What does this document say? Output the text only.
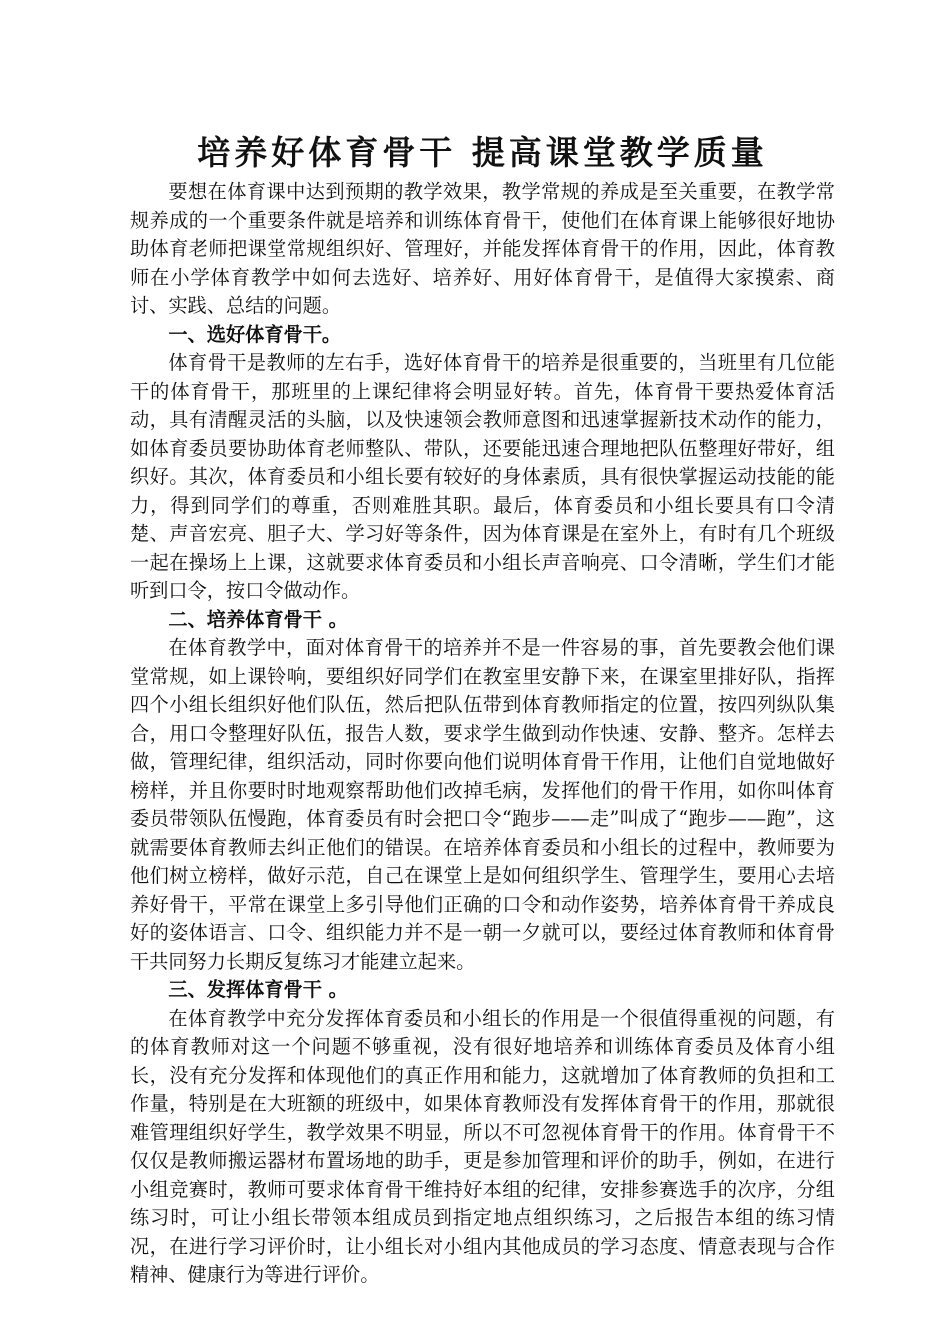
培养好体育骨干 提高课堂教学质量

要想在体育课中达到预期的教学效果，教学常规的养成是至关重要，在教学常规养成的一个重要条件就是培养和训练体育骨干，使他们在体育课上能够很好地协助体育老师把课堂常规组织好、管理好，并能发挥体育骨干的作用，因此，体育教师在小学体育教学中如何去选好、培养好、用好体育骨干，是值得大家摸索、商讨、实践、总结的问题。

一、选好体育骨干。

体育骨干是教师的左右手，选好体育骨干的培养是很重要的，当班里有几位能干的体育骨干，那班里的上课纪律将会明显好转。首先，体育骨干要热爱体育活动，具有清醒灵活的头脑，以及快速领会教师意图和迅速掌握新技术动作的能力，如体育委员要协助体育老师整队、带队，还要能迅速合理地把队伍整理好带好，组织好。其次，体育委员和小组长要有较好的身体素质，具有很快掌握运动技能的能力，得到同学们的尊重，否则难胜其职。最后，体育委员和小组长要具有口令清楚、声音宏亮、胆子大、学习好等条件，因为体育课是在室外上，有时有几个班级一起在操场上上课，这就要求体育委员和小组长声音响亮、口令清晰，学生们才能听到口令，按口令做动作。

二、培养体育骨干 。

在体育教学中，面对体育骨干的培养并不是一件容易的事，首先要教会他们课堂常规，如上课铃响，要组织好同学们在教室里安静下来，在课室里排好队，指挥四个小组长组织好他们队伍，然后把队伍带到体育教师指定的位置，按四列纵队集合，用口令整理好队伍，报告人数，要求学生做到动作快速、安静、整齐。怎样去做，管理纪律，组织活动，同时你要向他们说明体育骨干作用，让他们自觉地做好榜样，并且你要时时地观察帮助他们改掉毛病，发挥他们的骨干作用，如你叫体育委员带领队伍慢跑，体育委员有时会把口令“跑步——走”叫成了“跑步——跑”，这就需要体育教师去纠正他们的错误。在培养体育委员和小组长的过程中，教师要为他们树立榜样，做好示范，自己在课堂上是如何组织学生、管理学生，要用心去培养好骨干，平常在课堂上多引导他们正确的口令和动作姿势，培养体育骨干养成良好的姿体语言、口令、组织能力并不是一朝一夕就可以，要经过体育教师和体育骨干共同努力长期反复练习才能建立起来。

三、发挥体育骨干 。

在体育教学中充分发挥体育委员和小组长的作用是一个很值得重视的问题，有的体育教师对这一个问题不够重视，没有很好地培养和训练体育委员及体育小组长，没有充分发挥和体现他们的真正作用和能力，这就增加了体育教师的负担和工作量，特别是在大班额的班级中，如果体育教师没有发挥体育骨干的作用，那就很难管理组织好学生，教学效果不明显，所以不可忽视体育骨干的作用。体育骨干不仅仅是教师搬运器材布置场地的助手，更是参加管理和评价的助手，例如，在进行小组竞赛时，教师可要求体育骨干维持好本组的纪律，安排参赛选手的次序，分组练习时，可让小组长带领本组成员到指定地点组织练习，之后报告本组的练习情况，在进行学习评价时，让小组长对小组内其他成员的学习态度、情意表现与合作精神、健康行为等进行评价。
